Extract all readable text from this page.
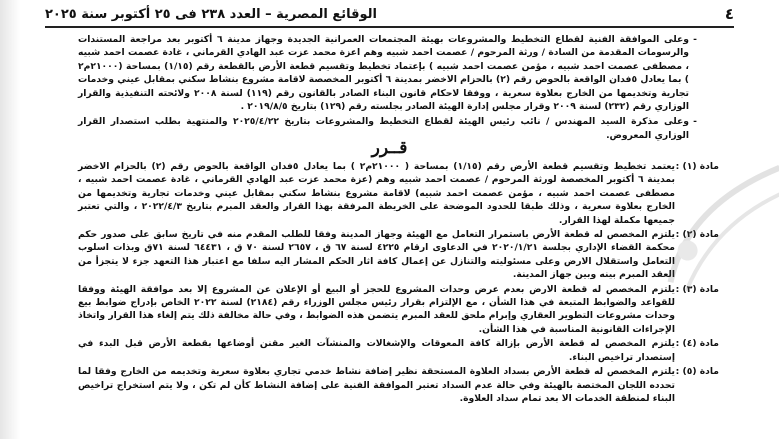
٤
الوقائع المصرية – العدد ٢٣٨ فى ٢٥ أكتوبر سنة ٢٠٢٥

- وعلى الموافقة الفنية لقطاع التخطيط والمشروعات بهيئة المجتمعات العمرانية الجديدة وجهاز مدينة ٦ أكتوبر بعد مراجعة المستندات والرسومات المقدمة من السادة / ورثة المرحوم / عصمت احمد شبيه وهم اعزة محمد عزت عبد الهادي القرماني ، غادة عصمت احمد شبيه ، مصطفى عصمت احمد شبيه ، مؤمن عصمت احمد شبيه ) بإعتماد تخطيط وتقسيم قطعة الأرض بالقطعة رقم (١/١٥) بمساحة (٢١٠٠٠م٢ ) بما يعادل ٥فدان الواقعة بالحوض رقم (٢) بالحزام الاخضر بمدينة ٦ أكتوبر المخصصة لاقامة مشروع بنشاط سكني بمقابل عيني وخدمات تجارية وتخديمها من الخارج بعلاوة سعرية ، ووفقا لاحكام قانون البناء الصادر بالقانون رقم (١١٩) لسنة ٢٠٠٨ ولائحته التنفيذية والقرار الوزاري رقم (٢٣٢) لسنة ٢٠٠٩ وقرار مجلس إدارة الهيئة الصادر بجلسته رقم (١٢٩) بتاريخ ٢٠١٩/٨/٥ .

- وعلى مذكرة السيد المهندس / نائب رئيس الهيئة لقطاع التخطيط والمشروعات بتاريخ ٢٠٢٥/٤/٢٢ والمنتهية بطلب استصدار القرار الوزاري المعروض.

قــرر
مادة (١) :
يعتمد تخطيط وتقسيم قطعة الأرض رقم (١/١٥) بمساحة ( ٢١٠٠٠م٢ ) بما يعادل ٥فدان الواقعة بالحوض رقم (٢) بالحزام الاخضر بمدينة ٦ أكتوبر المخصصة لورثة المرحوم / عصمت احمد شبيه وهم (عزة محمد عزت عبد الهادي القرماني ، غادة عصمت احمد شبيه ، مصطفى عصمت احمد شبيه ، مؤمن عصمت احمد شبيه) لاقامة مشروع بنشاط سكني بمقابل عيني وخدمات تجارية وتخديمها من الخارج بعلاوة سعرية ، وذلك طبقا للحدود الموضحة على الخريطة المرفقة بهذا القرار والعقد المبرم بتاريخ ٢٠٢٢/٤/٣ ، والتي تعتبر جميعها مكملة لهذا القرار.
مادة (٢) :
يلتزم المخصص له قطعة الأرض باستمرار التعامل مع الهيئة وجهاز المدينة وفقا للطلب المقدم منه في تاريخ سابق على صدور حكم محكمة القضاء الإداري بجلسة ٢٠٢٠/١/٢١ في الدعاوى ارقام ٤٢٢٥ لسنة ٦٧ ق ، ٢٦٥٧ لسنة ٧٠ ق ، ٦٤٤٣١ لسنة ٧١ق وبذات اسلوب التعامل واستقلال الارض وعلى مسئوليته والتنازل عن إعمال كافة اثار الحكم المشار اليه سلفا مع اعتبار هذا التعهد جزء لا يتجزأ من العقد المبرم بينه وبين جهاز المدينة.
مادة (٣) :
يلتزم المخصص له قطعة الارض بعدم عرض وحدات المشروع للحجز أو البيع أو الإعلان عن المشروع إلا بعد موافقة الهيئة ووفقا للقواعد والضوابط المتبعة في هذا الشأن ، مع الإلتزام بقرار رئيس مجلس الوزراء رقم (٢١٨٤) لسنة ٢٠٢٢ الخاص بإدراج ضوابط بيع وحدات مشروعات التطوير العقاري وإبرام ملحق للعقد المبرم يتضمن هذه الضوابط ، وفي حالة مخالفة ذلك يتم إلغاء هذا القرار واتخاذ الإجراءات القانونية المناسبة في هذا الشأن.
مادة (٤) :
يلتزم المخصص له قطعة الأرض بإزالة كافة المعوقات والإشغالات والمنشآت الغير مقنن أوضاعها بقطعة الأرض قبل البدء في إستصدار تراخيص البناء.
مادة (٥) :
يلتزم المخصص له قطعة الأرض بسداد العلاوة المستحقة نظير إضافة نشاط خدمي تجاري بعلاوة سعرية وتخديمه من الخارج وفقا لما تحدده اللجان المختصة بالهيئة وفي حالة عدم السداد تعتبر الموافقة الفنية على إضافة النشاط كأن لم تكن ، ولا يتم استخراج تراخيص البناء لمنطقة الخدمات الا بعد تمام سداد العلاوة.
